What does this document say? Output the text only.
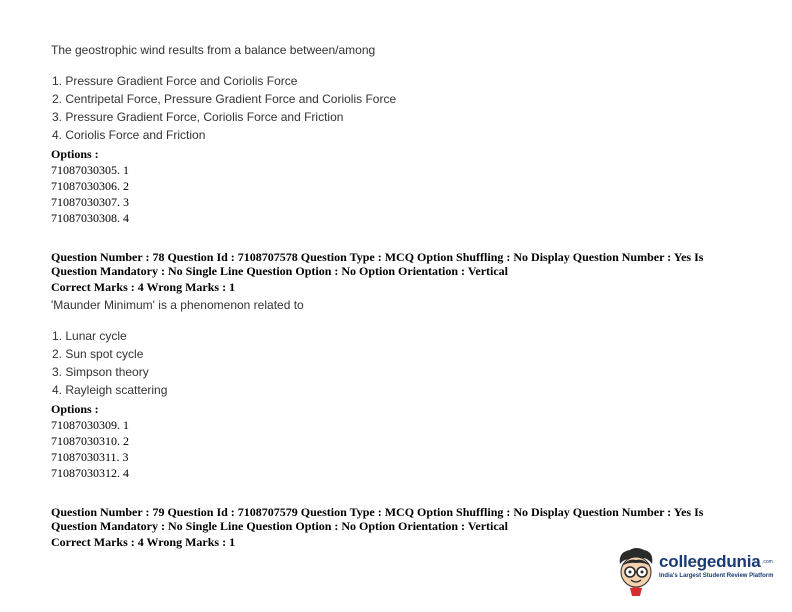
The geostrophic wind results from a balance between/among
1. Pressure Gradient Force and Coriolis Force
2. Centripetal Force, Pressure Gradient Force and Coriolis Force
3. Pressure Gradient Force, Coriolis Force and Friction
4. Coriolis Force and Friction
Options :
71087030305. 1
71087030306. 2
71087030307. 3
71087030308. 4
Question Number : 78 Question Id : 7108707578 Question Type : MCQ Option Shuffling : No Display Question Number : Yes Is
Question Mandatory : No Single Line Question Option : No Option Orientation : Vertical
Correct Marks : 4 Wrong Marks : 1
'Maunder Minimum' is a phenomenon related to
1. Lunar cycle
2. Sun spot cycle
3. Simpson theory
4. Rayleigh scattering
Options :
71087030309. 1
71087030310. 2
71087030311. 3
71087030312. 4
Question Number : 79 Question Id : 7108707579 Question Type : MCQ Option Shuffling : No Display Question Number : Yes Is
Question Mandatory : No Single Line Question Option : No Option Orientation : Vertical
Correct Marks : 4 Wrong Marks : 1
collegedunia .com
India's Largest Student Review Platform
